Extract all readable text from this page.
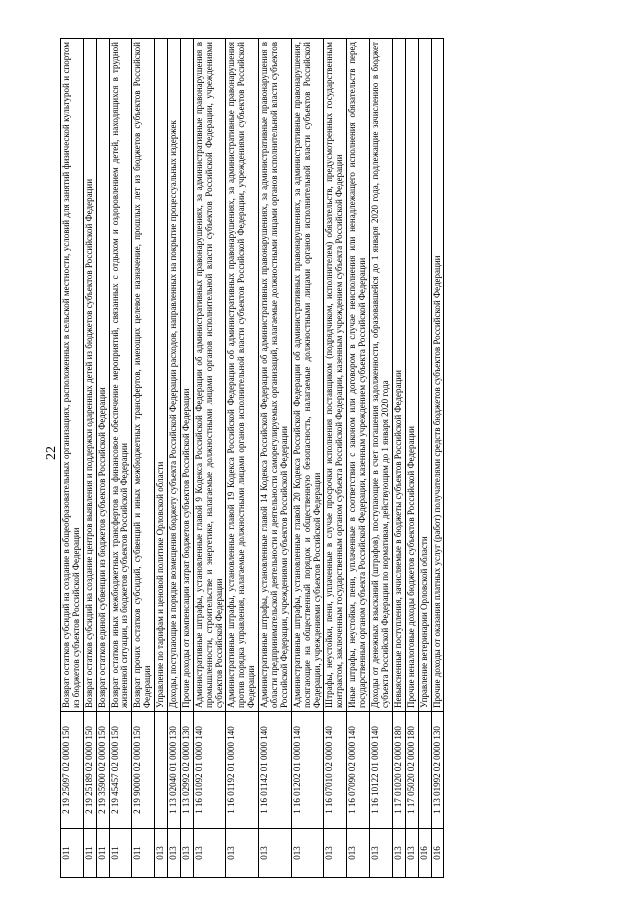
22
011	2 19 25097 02 0000 150	Возврат остатков субсидий на создание в общеобразовательных организациях, расположенных в сельской местности, условий для занятий физической культурой и спортом из бюджетов субъектов Российской Федерации
011	2 19 25189 02 0000 150	Возврат остатков субсидий на создание центров выявления и поддержки одаренных детей из бюджетов субъектов Российской Федерации
011	2 19 35900 02 0000 150	Возврат остатков единой субвенции из бюджетов субъектов Российской Федерации
011	2 19 45457 02 0000 150	Возврат остатков иных межбюджетных трансфертов на финансовое обеспечение мероприятий, связанных с отдыхом и оздоровлением детей, находящихся в трудной жизненной ситуации, из бюджетов субъектов Российской Федерации
011	2 19 90000 02 0000 150	Возврат прочих остатков субсидий, субвенций и иных межбюджетных трансфертов, имеющих целевое назначение, прошлых лет из бюджетов субъектов Российской Федерации
013		Управление по тарифам и ценовой политике Орловской области
013	1 13 02040 01 0000 130	Доходы, поступающие в порядке возмещения бюджету субъекта Российской Федерации расходов, направленных на покрытие процессуальных издержек
013	1 13 02992 02 0000 130	Прочие доходы от компенсации затрат бюджетов субъектов Российской Федерации
013	1 16 01092 01 0000 140	Административные штрафы, установленные главой 9 Кодекса Российской Федерации об административных правонарушениях, за административные правонарушения в промышленности, строительстве и энергетике, налагаемые должностными лицами органов исполнительной власти субъектов Российской Федерации, учреждениями субъектов Российской Федерации
013	1 16 01192 01 0000 140	Административные штрафы, установленные главой 19 Кодекса Российской Федерации об административных правонарушениях, за административные правонарушения против порядка управления, налагаемые должностными лицами органов исполнительной власти субъектов Российской Федерации, учреждениями субъектов Российской Федерации
013	1 16 01142 01 0000 140	Административные штрафы, установленные главой 14 Кодекса Российской Федерации об административных правонарушениях, за административные правонарушения в области предпринимательской деятельности и деятельности саморегулируемых организаций, налагаемые должностными лицами органов исполнительной власти субъектов Российской Федерации, учреждениями субъектов Российской Федерации
013	1 16 01202 01 0000 140	Административные штрафы, установленные главой 20 Кодекса Российской Федерации об административных правонарушениях, за административные правонарушения, посягающие на общественный порядок и общественную безопасность, налагаемые должностными лицами органов исполнительной власти субъектов Российской Федерации, учреждениями субъектов Российской Федерации
013	1 16 07010 02 0000 140	Штрафы, неустойки, пени, уплаченные в случае просрочки исполнения поставщиком (подрядчиком, исполнителем) обязательств, предусмотренных государственным контрактом, заключенным государственным органом субъекта Российской Федерации, казенным учреждением субъекта Российской Федерации
013	1 16 07090 02 0000 140	Иные штрафы, неустойки, пени, уплаченные в соответствии с законом или договором в случае неисполнения или ненадлежащего исполнения обязательств перед государственным органом субъекта Российской Федерации, казенным учреждением субъекта Российской Федерации
013	1 16 10122 01 0000 140	Доходы от денежных взысканий (штрафов), поступающие в счет погашения задолженности, образовавшейся до 1 января 2020 года, подлежащие зачислению в бюджет субъекта Российской Федерации по нормативам, действующим до 1 января 2020 года
013	1 17 01020 02 0000 180	Невыясненные поступления, зачисляемые в бюджеты субъектов Российской Федерации
013	1 17 05020 02 0000 180	Прочие неналоговые доходы бюджетов субъектов Российской Федерации
016		Управление ветеринарии Орловской области
016	1 13 01992 02 0000 130	Прочие доходы от оказания платных услуг (работ) получателями средств бюджетов субъектов Российской Федерации
